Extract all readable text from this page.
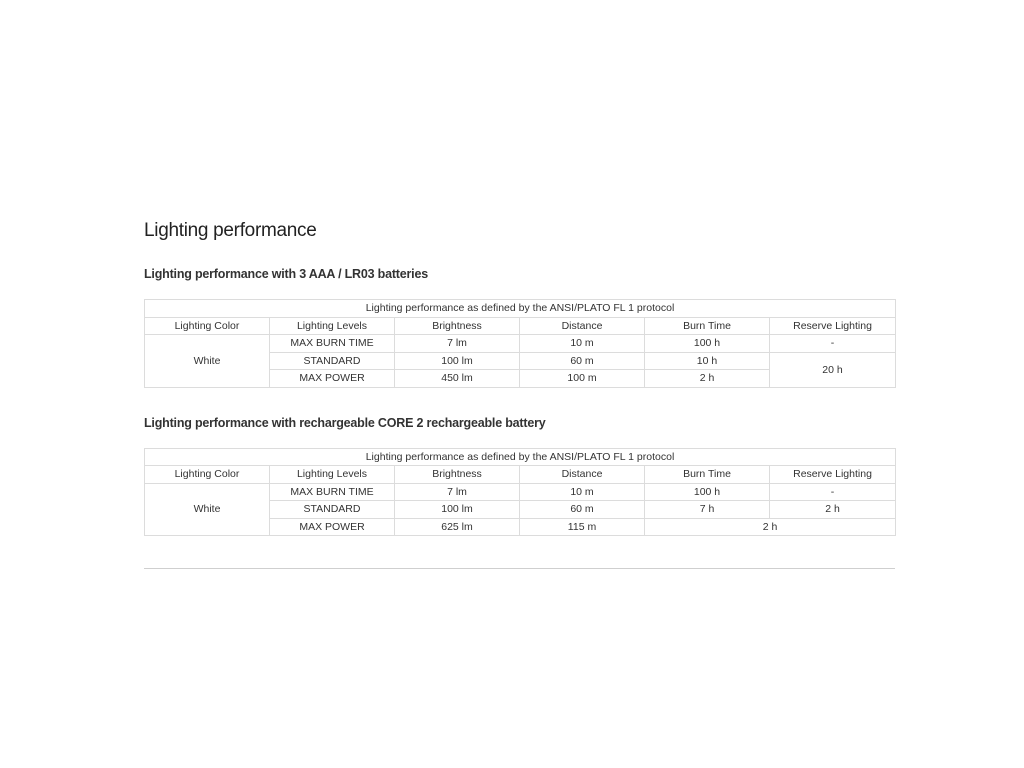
Lighting performance
Lighting performance with 3 AAA / LR03 batteries
Lighting performance as defined by the ANSI/PLATO FL 1 protocol					
Lighting Color	Lighting Levels	Brightness	Distance	Burn Time	Reserve Lighting
White	MAX BURN TIME	7 lm	10 m	100 h	-
	STANDARD	100 lm	60 m	10 h	20 h
	MAX POWER	450 lm	100 m	2 h	
Lighting performance with rechargeable CORE 2 rechargeable battery
Lighting performance as defined by the ANSI/PLATO FL 1 protocol					
Lighting Color	Lighting Levels	Brightness	Distance	Burn Time	Reserve Lighting
White	MAX BURN TIME	7 lm	10 m	100 h	-
	STANDARD	100 lm	60 m	7 h	2 h
	MAX POWER	625 lm	115 m	2 h	
